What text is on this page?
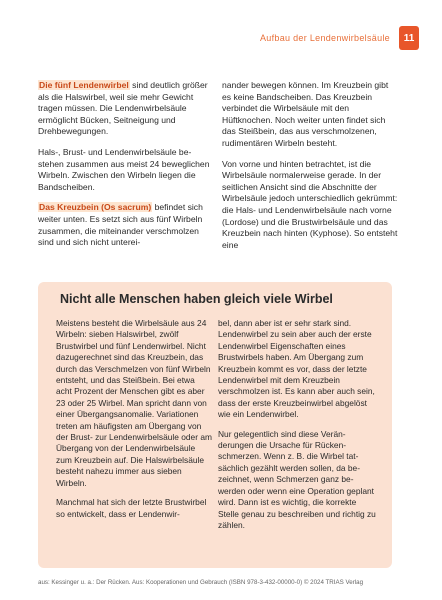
Aufbau der Lendenwirbelsäule	11

Die fünf Lendenwirbel sind deutlich größer als die Halswirbel, weil sie mehr Gewicht tragen müssen. Die Lendenwirbelsäule ermöglicht Bücken, Seitneigung und Drehbewegungen.

Hals-, Brust- und Lendenwirbelsäule bestehen zusammen aus meist 24 beweglichen Wirbeln. Zwischen den Wirbeln liegen die Bandscheiben.

Das Kreuzbein (Os sacrum) befindet sich weiter unten. Es setzt sich aus fünf Wirbeln zusammen, die miteinander verschmolzen sind und sich nicht unterei-

nander bewegen können. Im Kreuzbein gibt es keine Bandscheiben. Das Kreuzbein verbindet die Wirbelsäule mit den Hüftknochen. Noch weiter unten findet sich das Steißbein, das aus verschmolzenen, rudimentären Wirbeln besteht.

Von vorne und hinten betrachtet, ist die Wirbelsäule normalerweise gerade. In der seitlichen Ansicht sind die Abschnitte der Wirbelsäule jedoch unterschiedlich gekrümmt: die Hals- und Lendenwirbelsäule nach vorne (Lordose) und die Brustwirbelsäule und das Kreuzbein nach hinten (Kyphose). So entsteht eine

Nicht alle Menschen haben gleich viele Wirbel

Meistens besteht die Wirbelsäule aus 24 Wirbeln: sieben Halswirbel, zwölf Brustwirbel und fünf Lendenwirbel. Nicht dazugerechnet sind das Kreuzbein, das durch das Verschmelzen von fünf Wirbeln entsteht, und das Steißbein. Bei etwa acht Prozent der Menschen gibt es aber 23 oder 25 Wirbel. Man spricht dann von einer Übergangsanomalie. Variationen treten am häufigsten am Übergang von der Brust- zur Lendenwirbelsäule oder am Übergang von der Lendenwirbelsäule zum Kreuzbein auf. Die Halswirbelsäule besteht nahezu immer aus sieben Wirbeln.

Manchmal hat sich der letzte Brustwirbel so entwickelt, dass er Lendenwir-

bel, dann aber ist er sehr stark sind. Lendenwirbel zu sein aber auch der erste Lendenwirbel Eigenschaften eines Brustwirbels haben. Am Übergang zum Kreuzbein kommt es vor, dass der letzte Lendenwirbel mit dem Kreuzbein verschmolzen ist. Es kann aber auch sein, dass der erste Kreuzbeinwirbel abgelöst wie ein Lendenwirbel.

Nur gelegentlich sind diese Veränderungen die Ursache für Rückenschmerzen. Wenn z. B. die Wirbel tatsächlich gezählt werden sollen, da bezeichnet, wenn Schmerzen ganz bewerden oder wenn eine Operation geplant wird. Dann ist es wichtig, die korrekte Stelle genau zu beschreiben und richtig zu zählen.

aus: Kessinger u. a.: Der Rücken. Aus: Kooperationen und Gebrauch (ISBN 978-3-432-00000-0) © 2024 TRIAS Verlag
